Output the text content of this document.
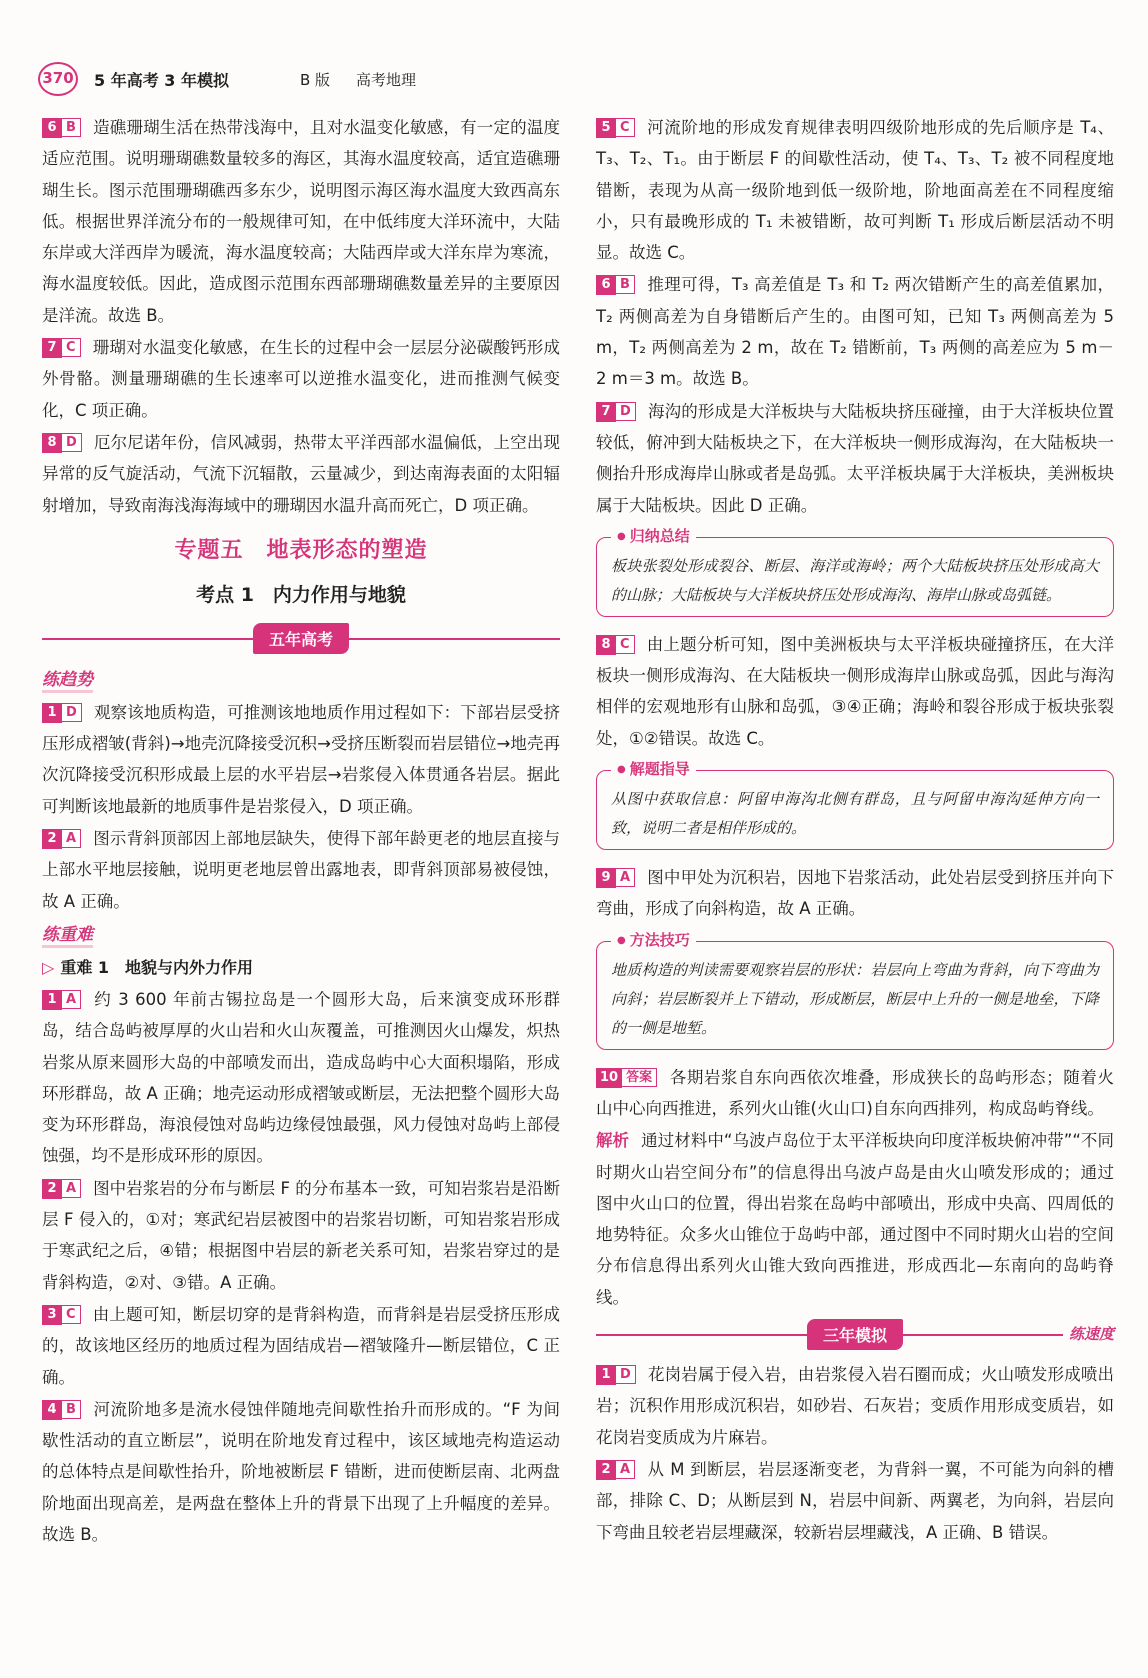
370 5 年高考 3 年模拟	B 版 高考地理

6 B 造礁珊瑚生活在热带浅海中，且对水温变化敏感，有一定的温度适应范围。说明珊瑚礁数量较多的海区，其海水温度较高，适宜造礁珊瑚生长。图示范围珊瑚礁西多东少，说明图示海区海水温度大致西高东低。根据世界洋流分布的一般规律可知，在中低纬度大洋环流中，大陆东岸或大洋西岸为暖流，海水温度较高；大陆西岸或大洋东岸为寒流，海水温度较低。因此，造成图示范围东西部珊瑚礁数量差异的主要原因是洋流。故选 B。

7 C 珊瑚对水温变化敏感，在生长的过程中会一层层分泌碳酸钙形成外骨骼。测量珊瑚礁的生长速率可以逆推水温变化，进而推测气候变化，C 项正确。

8 D 厄尔尼诺年份，信风减弱，热带太平洋西部水温偏低，上空出现异常的反气旋活动，气流下沉辐散，云量减少，到达南海表面的太阳辐射增加，导致南海浅海海域中的珊瑚因水温升高而死亡，D 项正确。

专题五　地表形态的塑造
考点 1　内力作用与地貌
五年高考
练趋势

1 D 观察该地质构造，可推测该地地质作用过程如下：下部岩层受挤压形成褶皱(背斜)→地壳沉降接受沉积→受挤压断裂而岩层错位→地壳再次沉降接受沉积形成最上层的水平岩层→岩浆侵入体贯通各岩层。据此可判断该地最新的地质事件是岩浆侵入，D 项正确。

2 A 图示背斜顶部因上部地层缺失，使得下部年龄更老的地层直接与上部水平地层接触，说明更老地层曾出露地表，即背斜顶部易被侵蚀，故 A 正确。

练重难
▷ 重难 1　地貌与内外力作用

1 A 约 3 600 年前古锡拉岛是一个圆形大岛，后来演变成环形群岛，结合岛屿被厚厚的火山岩和火山灰覆盖，可推测因火山爆发，炽热岩浆从原来圆形大岛的中部喷发而出，造成岛屿中心大面积塌陷，形成环形群岛，故 A 正确；地壳运动形成褶皱或断层，无法把整个圆形大岛变为环形群岛，海浪侵蚀对岛屿边缘侵蚀最强，风力侵蚀对岛屿上部侵蚀强，均不是形成环形的原因。

2 A 图中岩浆岩的分布与断层 F 的分布基本一致，可知岩浆岩是沿断层 F 侵入的，①对；寒武纪岩层被图中的岩浆岩切断，可知岩浆岩形成于寒武纪之后，④错；根据图中岩层的新老关系可知，岩浆岩穿过的是背斜构造，②对、③错。A 正确。

3 C 由上题可知，断层切穿的是背斜构造，而背斜是岩层受挤压形成的，故该地区经历的地质过程为固结成岩—褶皱隆升—断层错位，C 正确。

4 B 河流阶地多是流水侵蚀伴随地壳间歇性抬升而形成的。“F 为间歇性活动的直立断层”，说明在阶地发育过程中，该区域地壳构造运动的总体特点是间歇性抬升，阶地被断层 F 错断，进而使断层南、北两盘阶地面出现高差，是两盘在整体上升的背景下出现了上升幅度的差异。故选 B。

5 C 河流阶地的形成发育规律表明四级阶地形成的先后顺序是 T₄、T₃、T₂、T₁。由于断层 F 的间歇性活动，使 T₄、T₃、T₂ 被不同程度地错断，表现为从高一级阶地到低一级阶地，阶地面高差在不同程度缩小，只有最晚形成的 T₁ 未被错断，故可判断 T₁ 形成后断层活动不明显。故选 C。

6 B 推理可得，T₃ 高差值是 T₃ 和 T₂ 两次错断产生的高差值累加，T₂ 两侧高差为自身错断后产生的。由图可知，已知 T₃ 两侧高差为 5 m，T₂ 两侧高差为 2 m，故在 T₂ 错断前，T₃ 两侧的高差应为 5 m－2 m＝3 m。故选 B。

7 D 海沟的形成是大洋板块与大陆板块挤压碰撞，由于大洋板块位置较低，俯冲到大陆板块之下，在大洋板块一侧形成海沟，在大陆板块一侧抬升形成海岸山脉或者是岛弧。太平洋板块属于大洋板块，美洲板块属于大陆板块。因此 D 正确。

● 归纳总结

板块张裂处形成裂谷、断层、海洋或海岭；两个大陆板块挤压处形成高大的山脉；大陆板块与大洋板块挤压处形成海沟、海岸山脉或岛弧链。

8 C 由上题分析可知，图中美洲板块与太平洋板块碰撞挤压，在大洋板块一侧形成海沟、在大陆板块一侧形成海岸山脉或岛弧，因此与海沟相伴的宏观地形有山脉和岛弧，③④正确；海岭和裂谷形成于板块张裂处，①②错误。故选 C。

● 解题指导

从图中获取信息：阿留申海沟北侧有群岛，且与阿留申海沟延伸方向一致，说明二者是相伴形成的。

9 A 图中甲处为沉积岩，因地下岩浆活动，此处岩层受到挤压并向下弯曲，形成了向斜构造，故 A 正确。

● 方法技巧

地质构造的判读需要观察岩层的形状：岩层向上弯曲为背斜，向下弯曲为向斜；岩层断裂并上下错动，形成断层，断层中上升的一侧是地垒，下降的一侧是地堑。

10 答案 各期岩浆自东向西依次堆叠，形成狭长的岛屿形态；随着火山中心向西推进，系列火山锥(火山口)自东向西排列，构成岛屿脊线。

解析 通过材料中“乌波卢岛位于太平洋板块向印度洋板块俯冲带”“不同时期火山岩空间分布”的信息得出乌波卢岛是由火山喷发形成的；通过图中火山口的位置，得出岩浆在岛屿中部喷出，形成中央高、四周低的地势特征。众多火山锥位于岛屿中部，通过图中不同时期火山岩的空间分布信息得出系列火山锥大致向西推进，形成西北—东南向的岛屿脊线。

三年模拟	练速度

1 D 花岗岩属于侵入岩，由岩浆侵入岩石圈而成；火山喷发形成喷出岩；沉积作用形成沉积岩，如砂岩、石灰岩；变质作用形成变质岩，如花岗岩变质成为片麻岩。

2 A 从 M 到断层，岩层逐渐变老，为背斜一翼，不可能为向斜的槽部，排除 C、D；从断层到 N，岩层中间新、两翼老，为向斜，岩层向下弯曲且较老岩层埋藏深，较新岩层埋藏浅，A 正确、B 错误。
